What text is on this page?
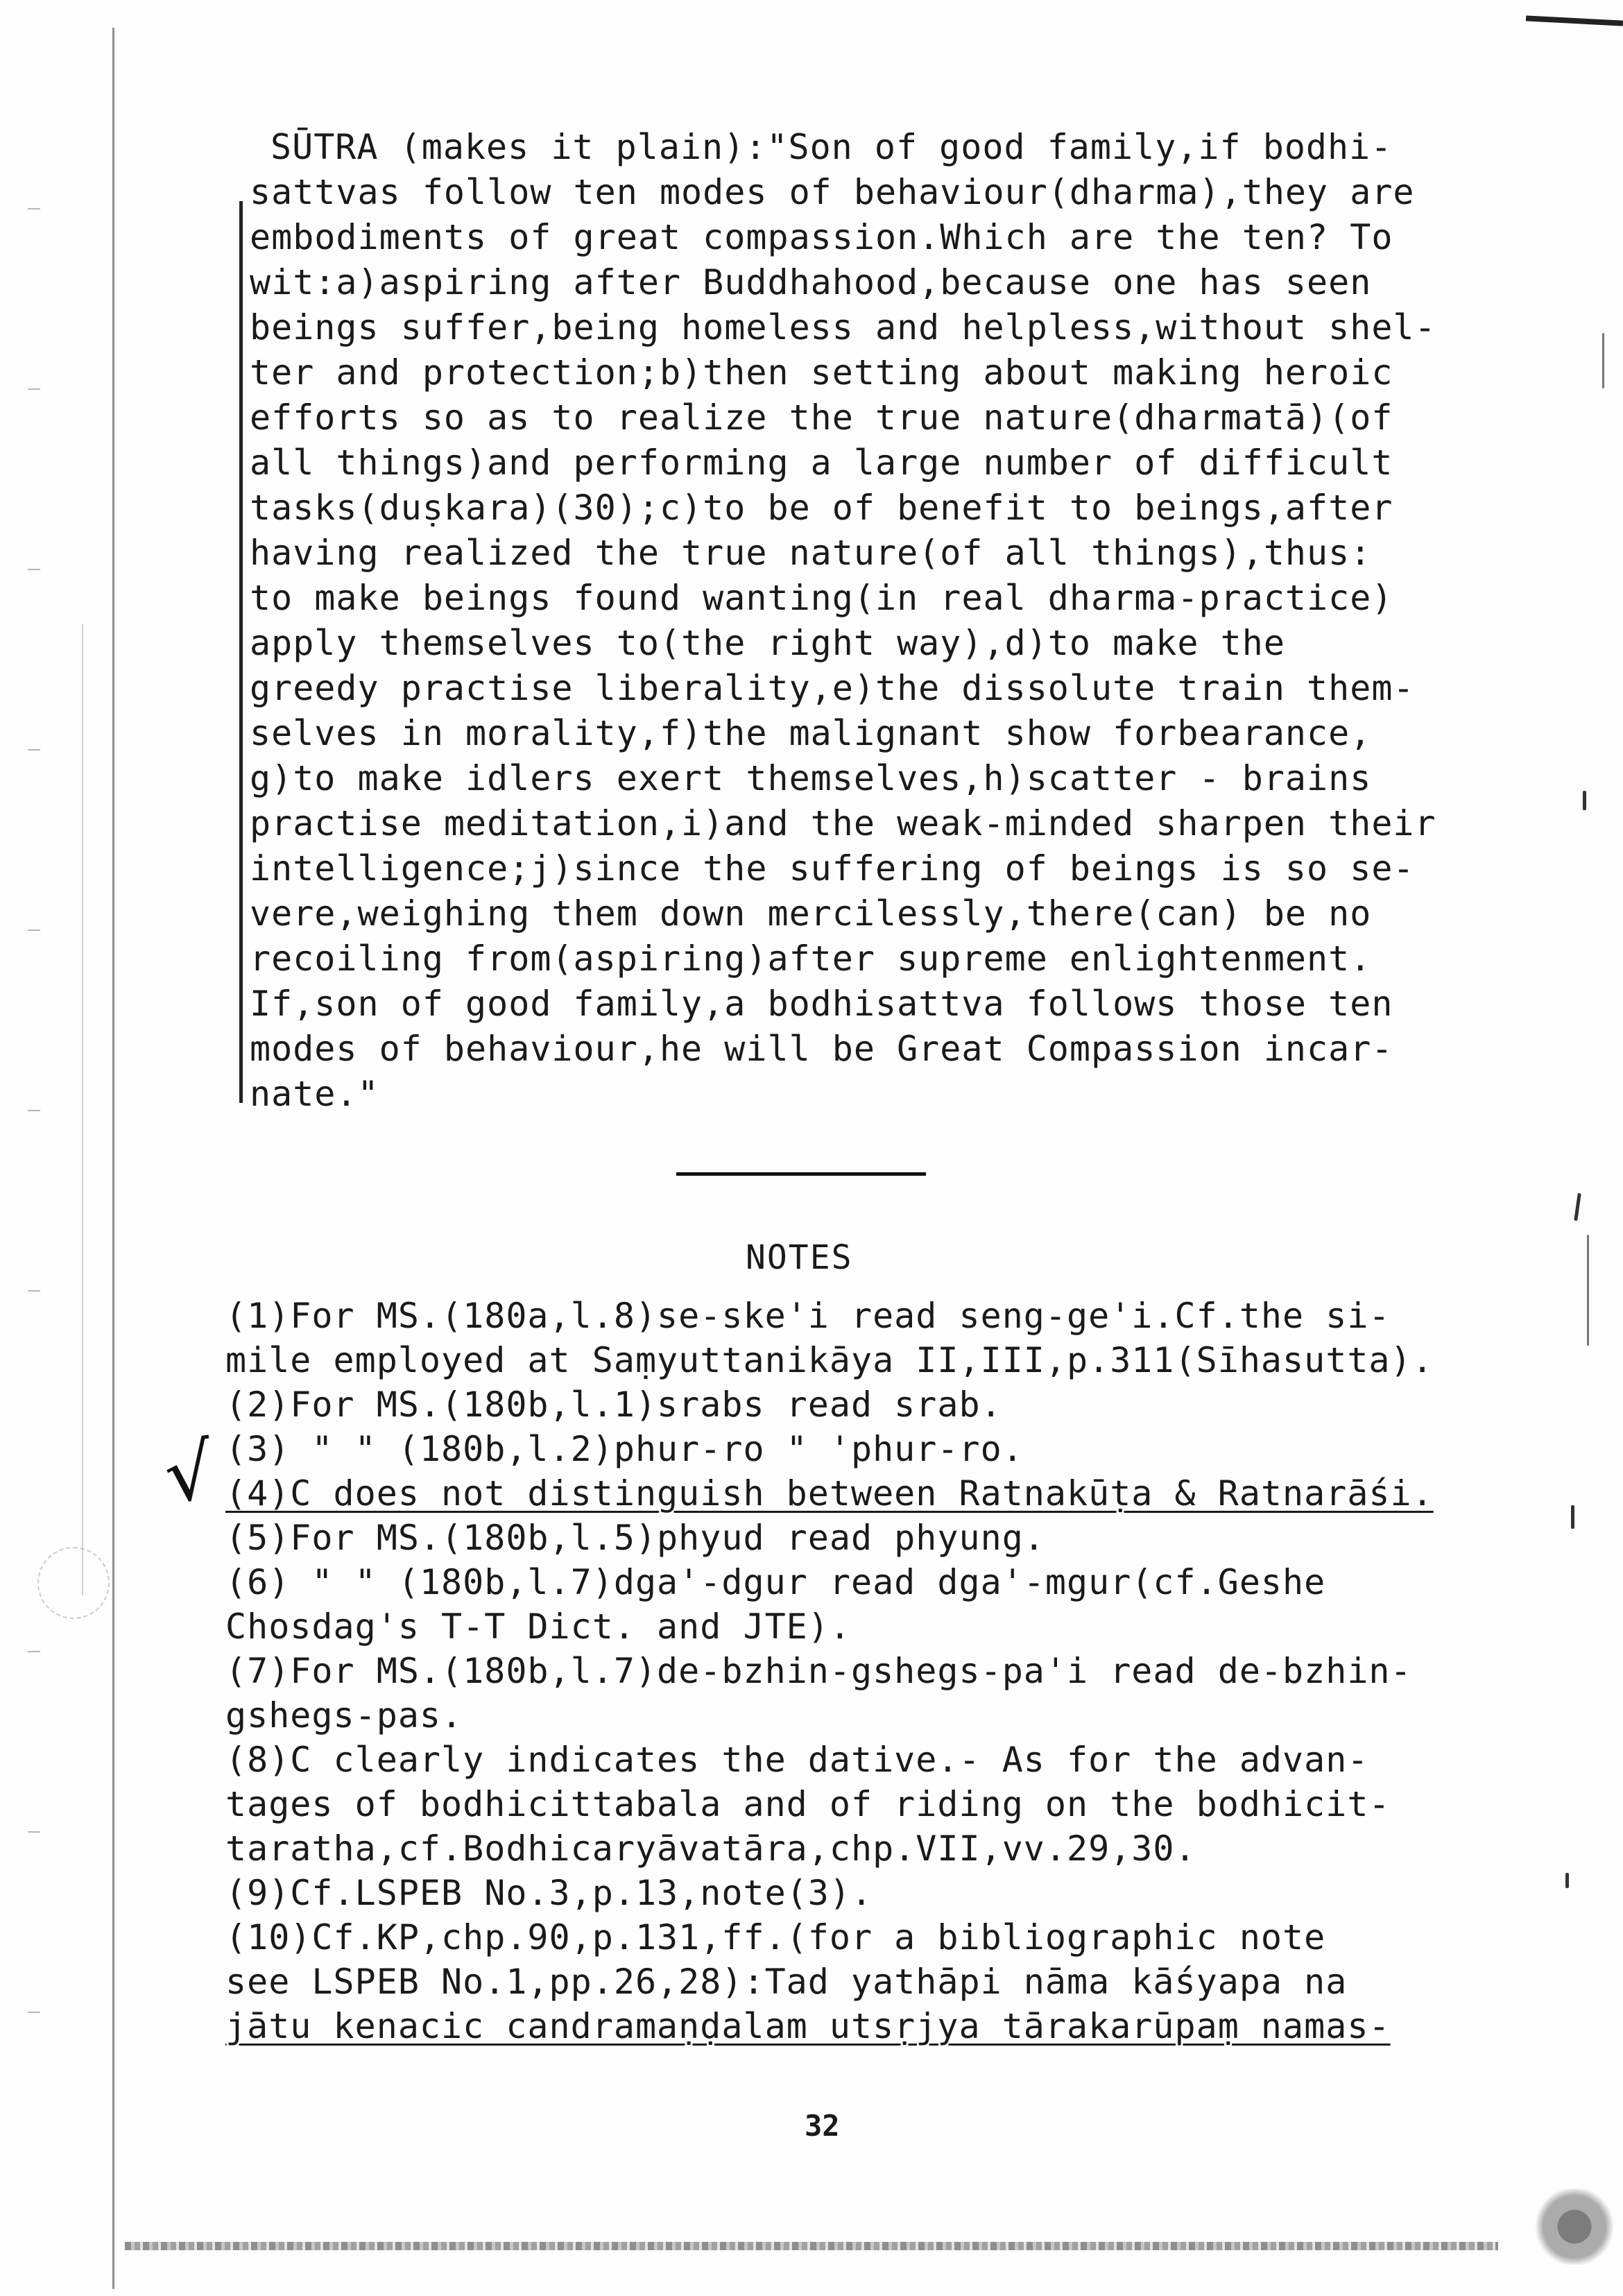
SŪTRA (makes it plain):"Son of good family,if bodhi-
sattvas follow ten modes of behaviour(dharma),they are
embodiments of great compassion.Which are the ten? To
wit:a)aspiring after Buddhahood,because one has seen
beings suffer,being homeless and helpless,without shel-
ter and protection;b)then setting about making heroic
efforts so as to realize the true nature(dharmatā)(of
all things)and performing a large number of difficult
tasks(duṣkara)(30);c)to be of benefit to beings,after
having realized the true nature(of all things),thus:
to make beings found wanting(in real dharma-practice)
apply themselves to(the right way),d)to make the
greedy practise liberality,e)the dissolute train them-
selves in morality,f)the malignant show forbearance,
g)to make idlers exert themselves,h)scatter - brains
practise meditation,i)and the weak-minded sharpen their
intelligence;j)since the suffering of beings is so se-
vere,weighing them down mercilessly,there(can) be no
recoiling from(aspiring)after supreme enlightenment.
If,son of good family,a bodhisattva follows those ten
modes of behaviour,he will be Great Compassion incar-
nate."
NOTES
√
(1)For MS.(180a,l.8)se-ske'i read seng-ge'i.Cf.the si-
mile employed at Saṃyuttanikāya II,III,p.311(Sīhasutta).
(2)For MS.(180b,l.1)srabs read srab.
(3) " " (180b,l.2)phur-ro " 'phur-ro.
(4)C does not distinguish between Ratnakūṭa & Ratnarāśi.
(5)For MS.(180b,l.5)phyud read phyung.
(6) " " (180b,l.7)dga'-dgur read dga'-mgur(cf.Geshe
Chosdag's T-T Dict. and JTE).
(7)For MS.(180b,l.7)de-bzhin-gshegs-pa'i read de-bzhin-
gshegs-pas.
(8)C clearly indicates the dative.- As for the advan-
tages of bodhicittabala and of riding on the bodhicit-
taratha,cf.Bodhicaryāvatāra,chp.VII,vv.29,30.
(9)Cf.LSPEB No.3,p.13,note(3).
(10)Cf.KP,chp.90,p.131,ff.(for a bibliographic note
see LSPEB No.1,pp.26,28):Tad yathāpi nāma kāśyapa na
jātu kenacic candramaṇḍalam utsṛjya tārakarūpaṃ namas-
32
